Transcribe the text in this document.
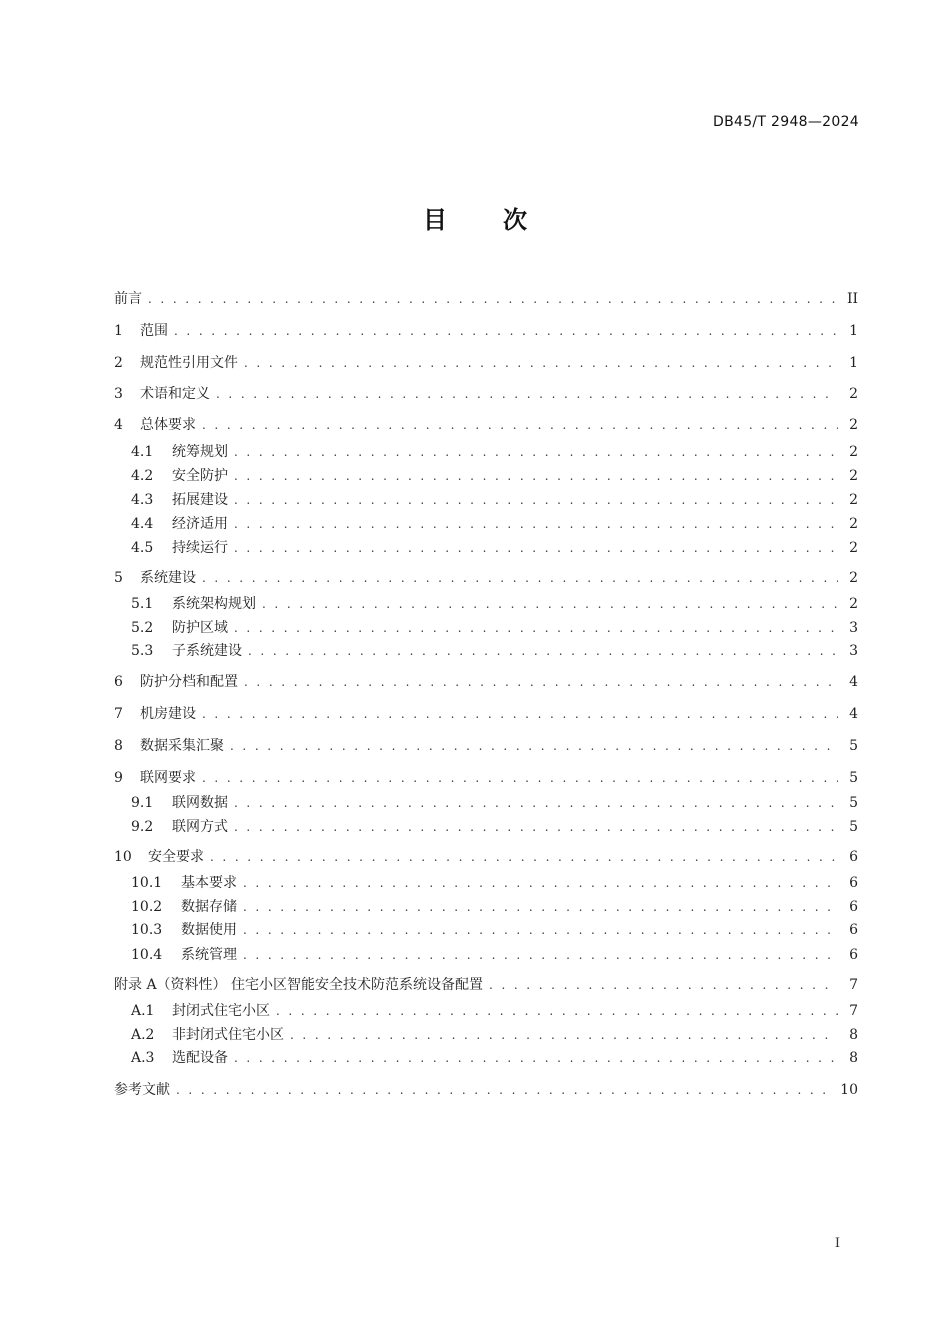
DB45/T 2948—2024
目 次
前言 . . .	II
1	范围 . . .	1
2	规范性引用文件 . . .	1
3	术语和定义 . . .	2
4	总体要求 . . .	2
4.1	统筹规划 . . .	2
4.2	安全防护 . . .	2
4.3	拓展建设 . . .	2
4.4	经济适用 . . .	2
4.5	持续运行 . . .	2
5	系统建设 . . .	2
5.1	系统架构规划 . . .	2
5.2	防护区域 . . .	3
5.3	子系统建设 . . .	3
6	防护分档和配置 . . .	4
7	机房建设 . . .	4
8	数据采集汇聚 . . .	5
9	联网要求 . . .	5
9.1	联网数据 . . .	5
9.2	联网方式 . . .	5
10	安全要求 . . .	6
10.1	基本要求 . . .	6
10.2	数据存储 . . .	6
10.3	数据使用 . . .	6
10.4	系统管理 . . .	6
附录 A（资料性） 住宅小区智能安全技术防范系统设备配置 . . .	7
A.1	封闭式住宅小区 . . .	7
A.2	非封闭式住宅小区 . . .	8
A.3	选配设备 . . .	8
参考文献 . . .	10
I
